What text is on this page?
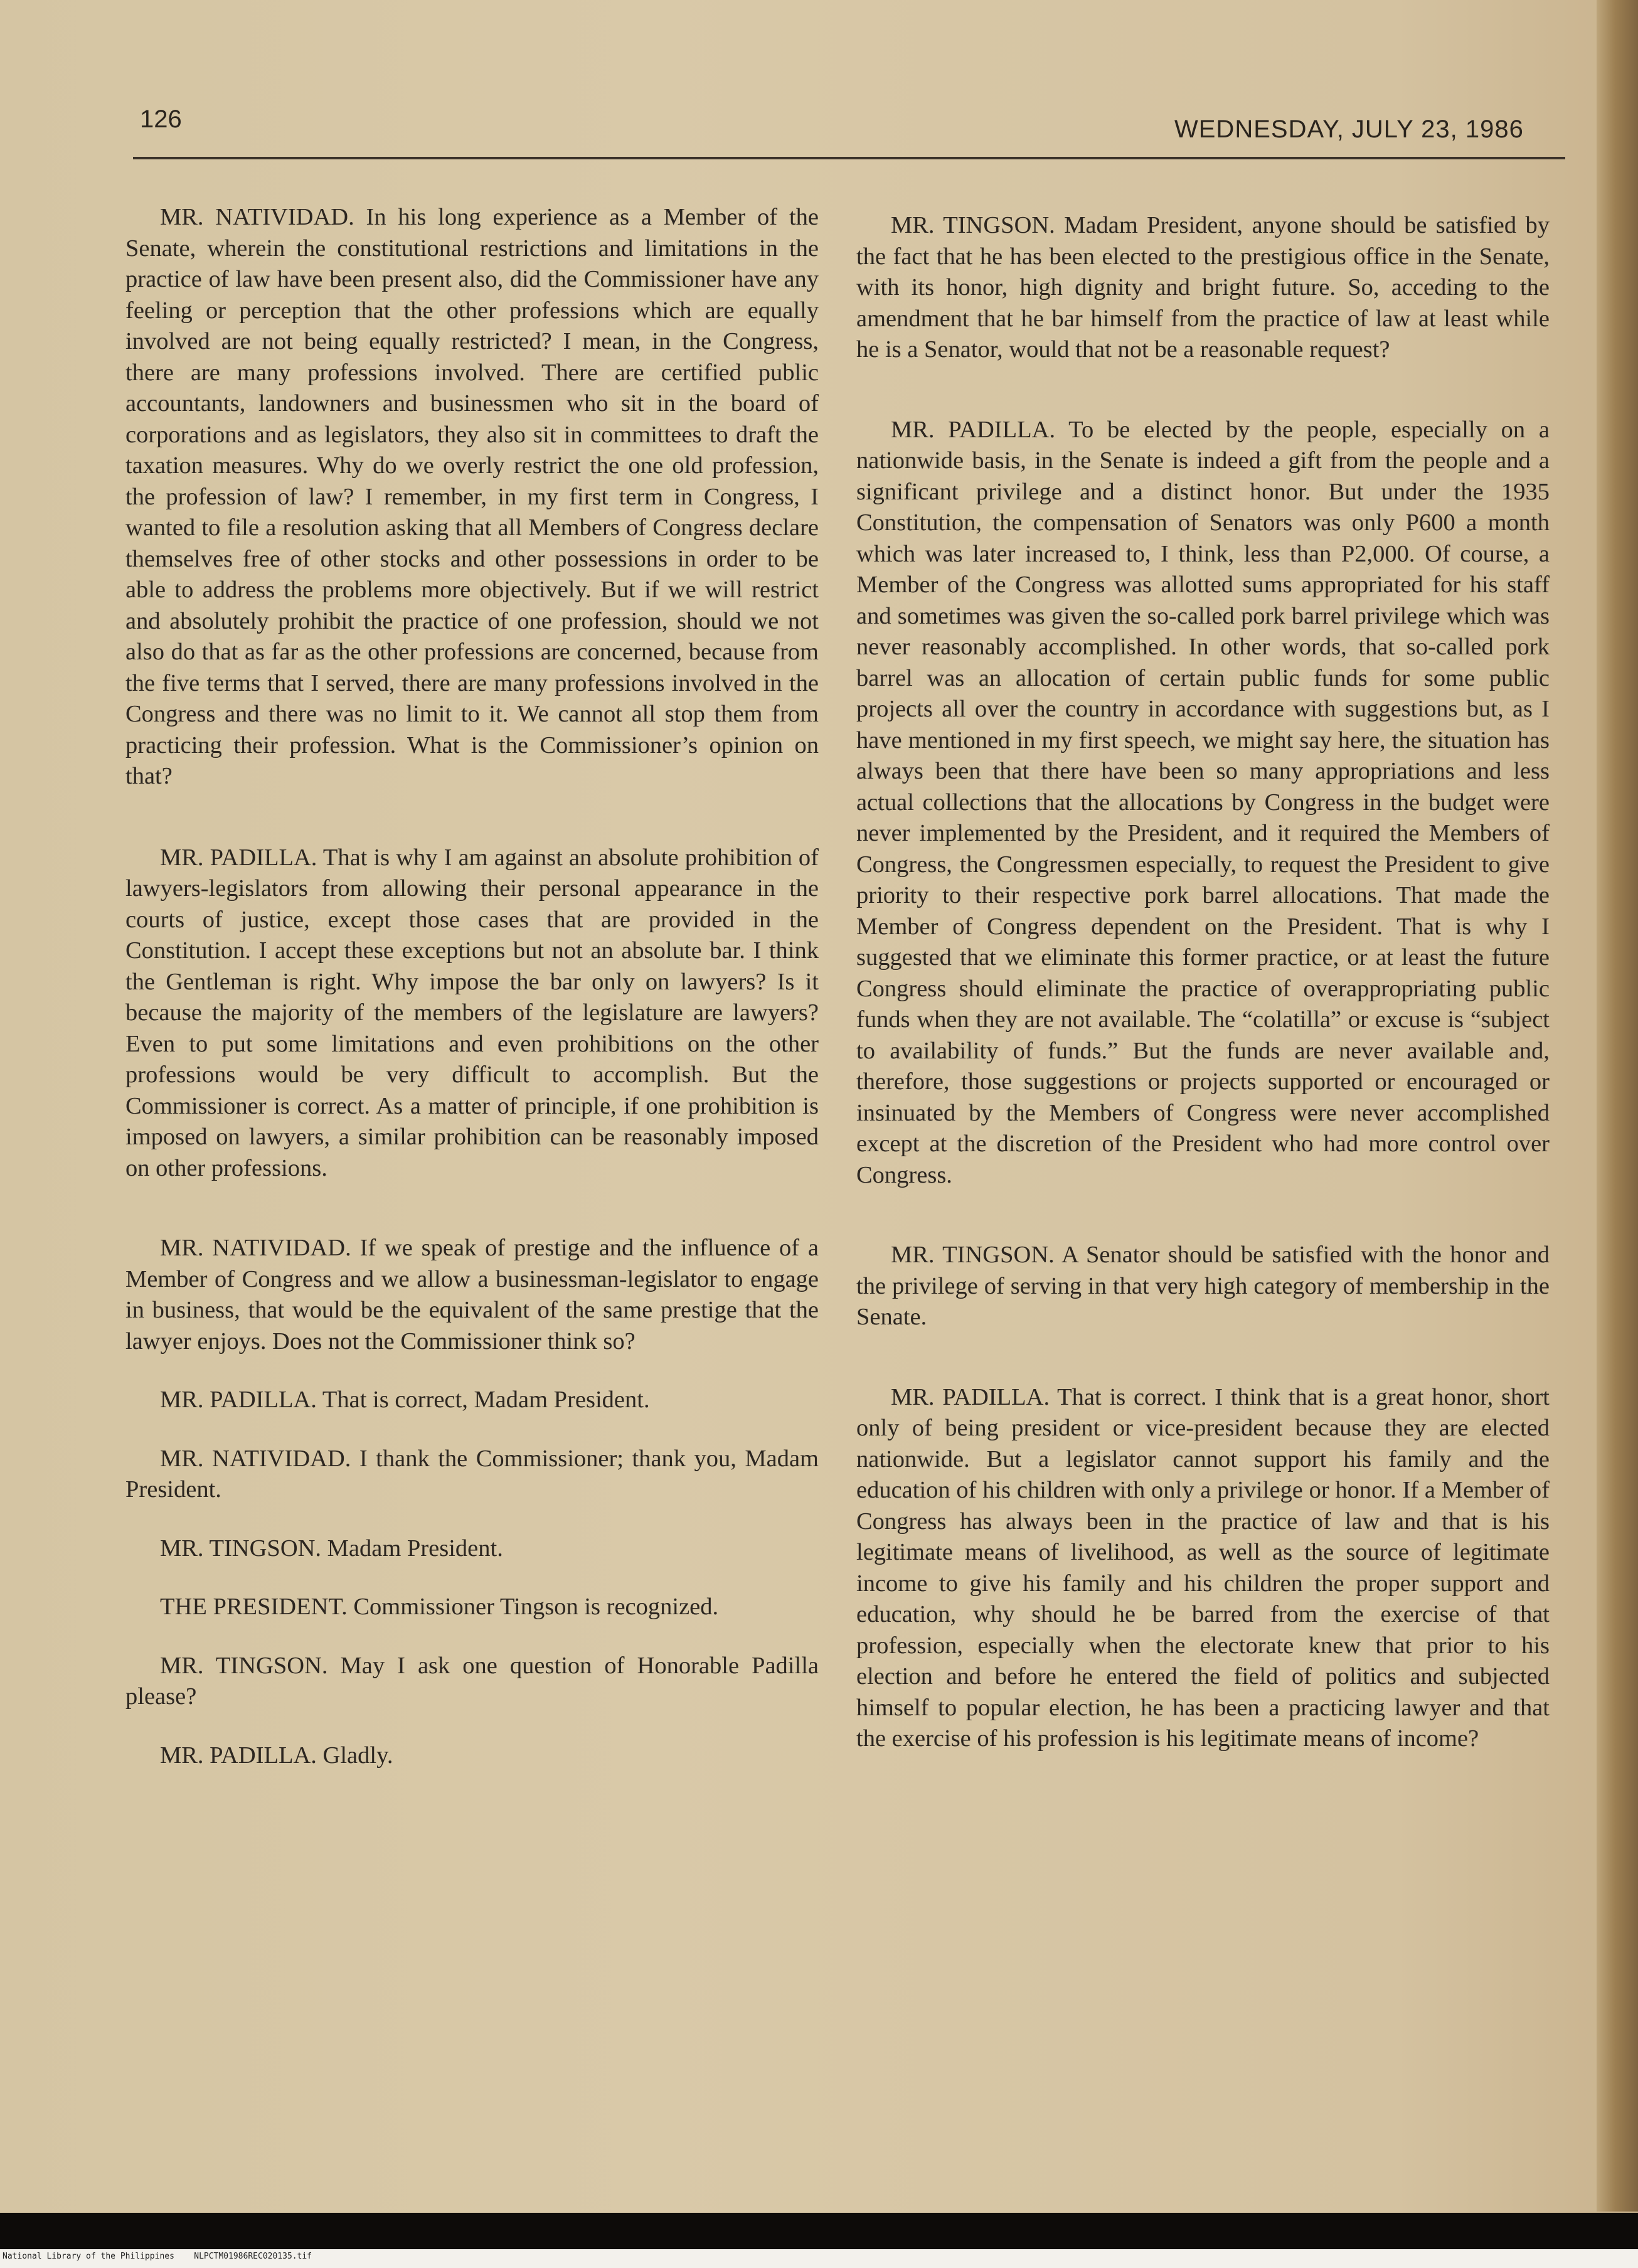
126	WEDNESDAY, JULY 23, 1986

MR. NATIVIDAD. In his long experience as a Member of the Senate, wherein the constitutional restrictions and limitations in the practice of law have been present also, did the Commissioner have any feeling or perception that the other professions which are equally involved are not being equally restricted? I mean, in the Congress, there are many professions involved. There are certified public accountants, landowners and businessmen who sit in the board of corporations and as legislators, they also sit in committees to draft the taxation measures. Why do we overly restrict the one old profession, the profession of law? I remember, in my first term in Congress, I wanted to file a resolution asking that all Members of Congress declare themselves free of other stocks and other possessions in order to be able to address the problems more objectively. But if we will restrict and absolutely prohibit the practice of one profession, should we not also do that as far as the other professions are concerned, because from the five terms that I served, there are many professions involved in the Congress and there was no limit to it. We cannot all stop them from practicing their profession. What is the Commissioner’s opinion on that?

MR. PADILLA. That is why I am against an absolute prohibition of lawyers-legislators from allowing their personal appearance in the courts of justice, except those cases that are provided in the Constitution. I accept these exceptions but not an absolute bar. I think the Gentleman is right. Why impose the bar only on lawyers? Is it because the majority of the members of the legislature are lawyers? Even to put some limitations and even prohibitions on the other professions would be very difficult to accomplish. But the Commissioner is correct. As a matter of principle, if one prohibition is imposed on lawyers, a similar prohibition can be reasonably imposed on other professions.

MR. NATIVIDAD. If we speak of prestige and the influence of a Member of Congress and we allow a businessman-legislator to engage in business, that would be the equivalent of the same prestige that the lawyer enjoys. Does not the Commissioner think so?

MR. PADILLA. That is correct, Madam President.

MR. NATIVIDAD. I thank the Commissioner; thank you, Madam President.

MR. TINGSON. Madam President.

THE PRESIDENT. Commissioner Tingson is recognized.

MR. TINGSON. May I ask one question of Honorable Padilla please?

MR. PADILLA. Gladly.

MR. TINGSON. Madam President, anyone should be satisfied by the fact that he has been elected to the prestigious office in the Senate, with its honor, high dignity and bright future. So, acceding to the amendment that he bar himself from the practice of law at least while he is a Senator, would that not be a reasonable request?

MR. PADILLA. To be elected by the people, especially on a nationwide basis, in the Senate is indeed a gift from the people and a significant privilege and a distinct honor. But under the 1935 Constitution, the compensation of Senators was only P600 a month which was later increased to, I think, less than P2,000. Of course, a Member of the Congress was allotted sums appropriated for his staff and sometimes was given the so-called pork barrel privilege which was never reasonably accomplished. In other words, that so-called pork barrel was an allocation of certain public funds for some public projects all over the country in accordance with suggestions but, as I have mentioned in my first speech, we might say here, the situation has always been that there have been so many appropriations and less actual collections that the allocations by Congress in the budget were never implemented by the President, and it required the Members of Congress, the Congressmen especially, to request the President to give priority to their respective pork barrel allocations. That made the Member of Congress dependent on the President. That is why I suggested that we eliminate this former practice, or at least the future Congress should eliminate the practice of overappropriating public funds when they are not available. The “colatilla” or excuse is “subject to availability of funds.” But the funds are never available and, therefore, those suggestions or projects supported or encouraged or insinuated by the Members of Congress were never accomplished except at the discretion of the President who had more control over Congress.

MR. TINGSON. A Senator should be satisfied with the honor and the privilege of serving in that very high category of membership in the Senate.

MR. PADILLA. That is correct. I think that is a great honor, short only of being president or vice-president because they are elected nationwide. But a legislator cannot support his family and the education of his children with only a privilege or honor. If a Member of Congress has always been in the practice of law and that is his legitimate means of livelihood, as well as the source of legitimate income to give his family and his children the proper support and education, why should he be barred from the exercise of that profession, especially when the electorate knew that prior to his election and before he entered the field of politics and subjected himself to popular election, he has been a practicing lawyer and that the exercise of his profession is his legitimate means of income?

National Library of the Philippines    NLPCTM01986REC020135.tif
